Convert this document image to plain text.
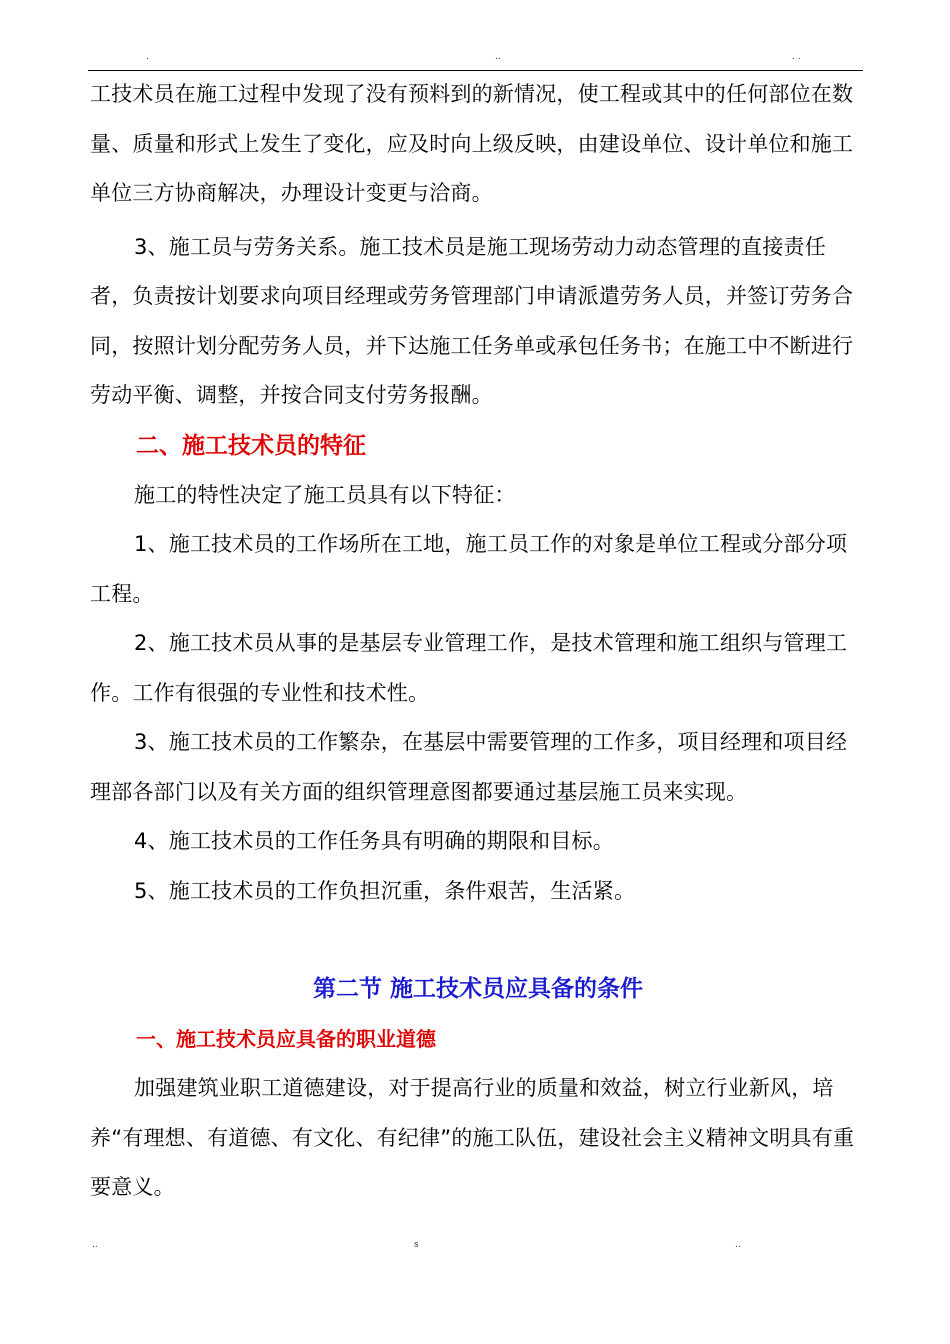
.	..	. .

工技术员在施工过程中发现了没有预料到的新情况，使工程或其中的任何部位在数量、质量和形式上发生了变化，应及时向上级反映，由建设单位、设计单位和施工单位三方协商解决，办理设计变更与洽商。

3、施工员与劳务关系。施工技术员是施工现场劳动力动态管理的直接责任者，负责按计划要求向项目经理或劳务管理部门申请派遣劳务人员，并签订劳务合同，按照计划分配劳务人员，并下达施工任务单或承包任务书；在施工中不断进行劳动平衡、调整，并按合同支付劳务报酬。

二、施工技术员的特征

施工的特性决定了施工员具有以下特征：

1、施工技术员的工作场所在工地，施工员工作的对象是单位工程或分部分项工程。

2、施工技术员从事的是基层专业管理工作，是技术管理和施工组织与管理工作。工作有很强的专业性和技术性。

3、施工技术员的工作繁杂，在基层中需要管理的工作多，项目经理和项目经理部各部门以及有关方面的组织管理意图都要通过基层施工员来实现。

4、施工技术员的工作任务具有明确的期限和目标。

5、施工技术员的工作负担沉重，条件艰苦，生活紧。

第二节 施工技术员应具备的条件
一、施工技术员应具备的职业道德

加强建筑业职工道德建设，对于提高行业的质量和效益，树立行业新风，培养“有理想、有道德、有文化、有纪律”的施工队伍，建设社会主义精神文明具有重要意义。

..	s	..
